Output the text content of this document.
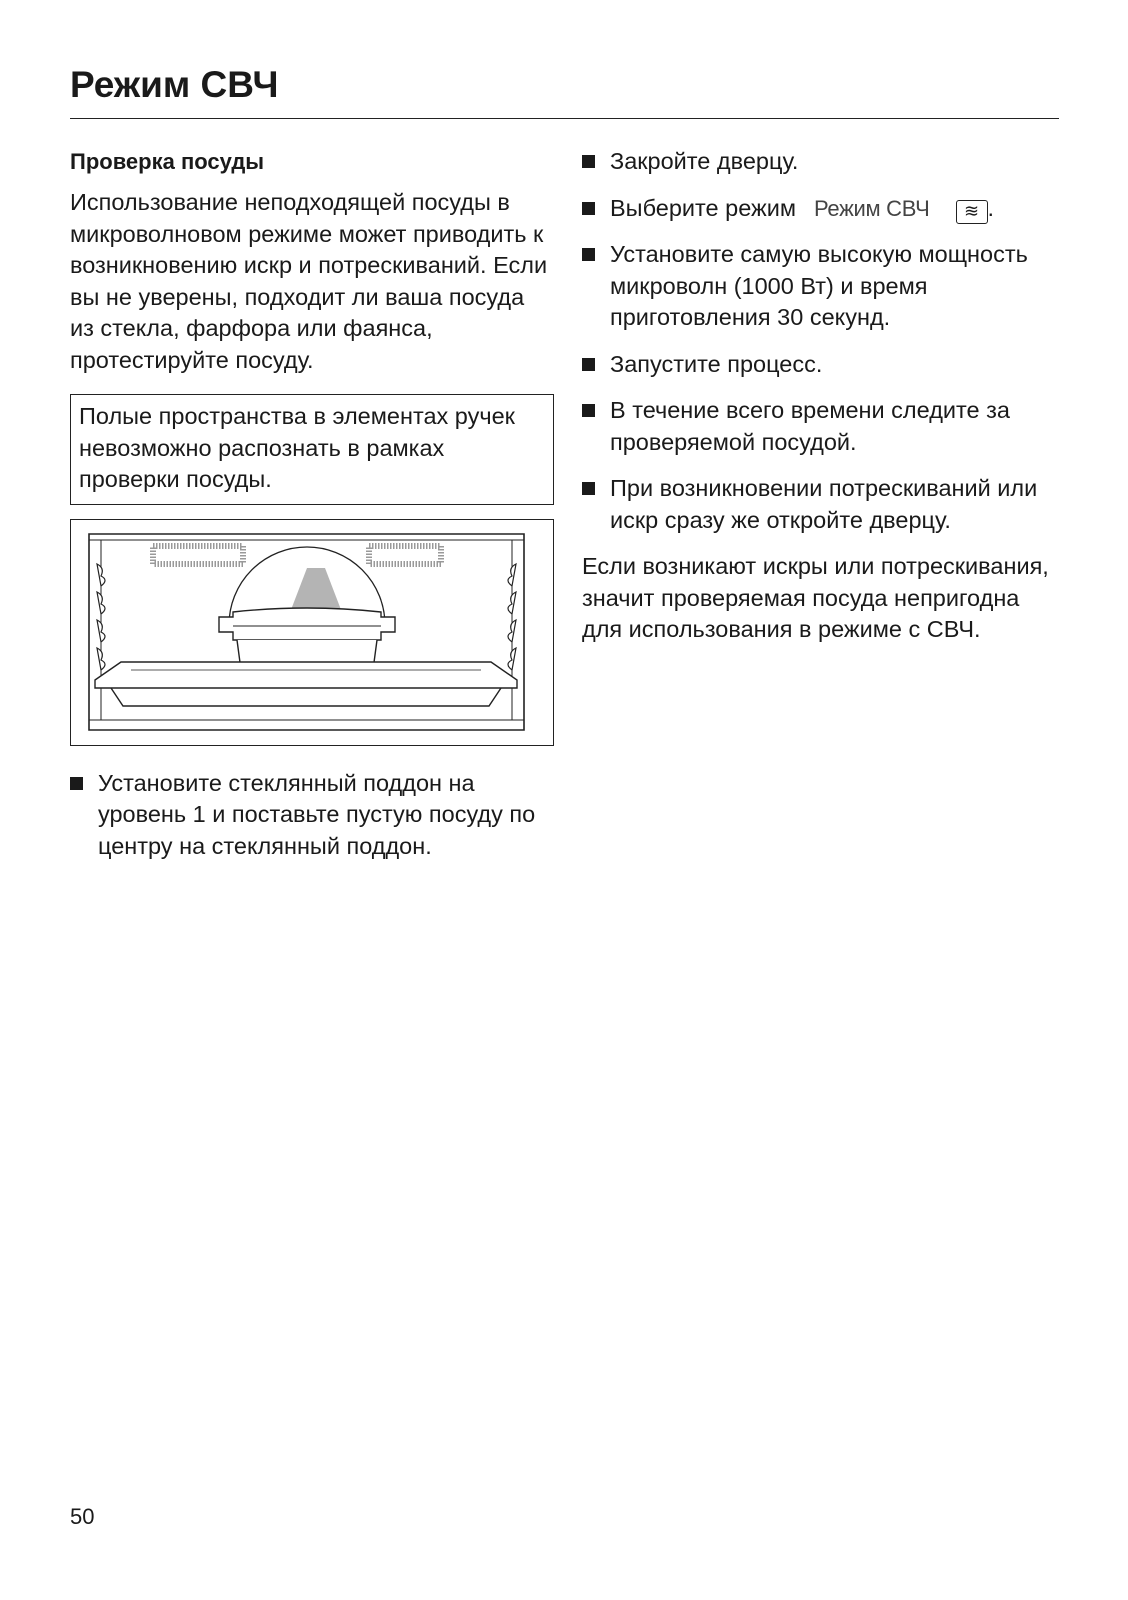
Режим СВЧ
Проверка посуды

Использование неподходящей посуды в микроволновом режиме может приводить к возникновению искр и потрескиваний. Если вы не уверены, подходит ли ваша посуда из стекла, фарфора или фаянса, протестируйте посуду.

Полые пространства в элементах ручек невозможно распознать в рамках проверки посуды.
Установите стеклянный поддон на уровень 1 и поставьте пустую посуду по центру на стеклянный поддон.
Закройте дверцу.
Выберите режим Режим СВЧ ≋ .
Установите самую высокую мощность микроволн (1000 Вт) и время приготовления 30 секунд.
Запустите процесс.
В течение всего времени следите за проверяемой посудой.
При возникновении потрескиваний или искр сразу же откройте дверцу.

Если возникают искры или потрескивания, значит проверяемая посуда непригодна для использования в режиме с СВЧ.

50
